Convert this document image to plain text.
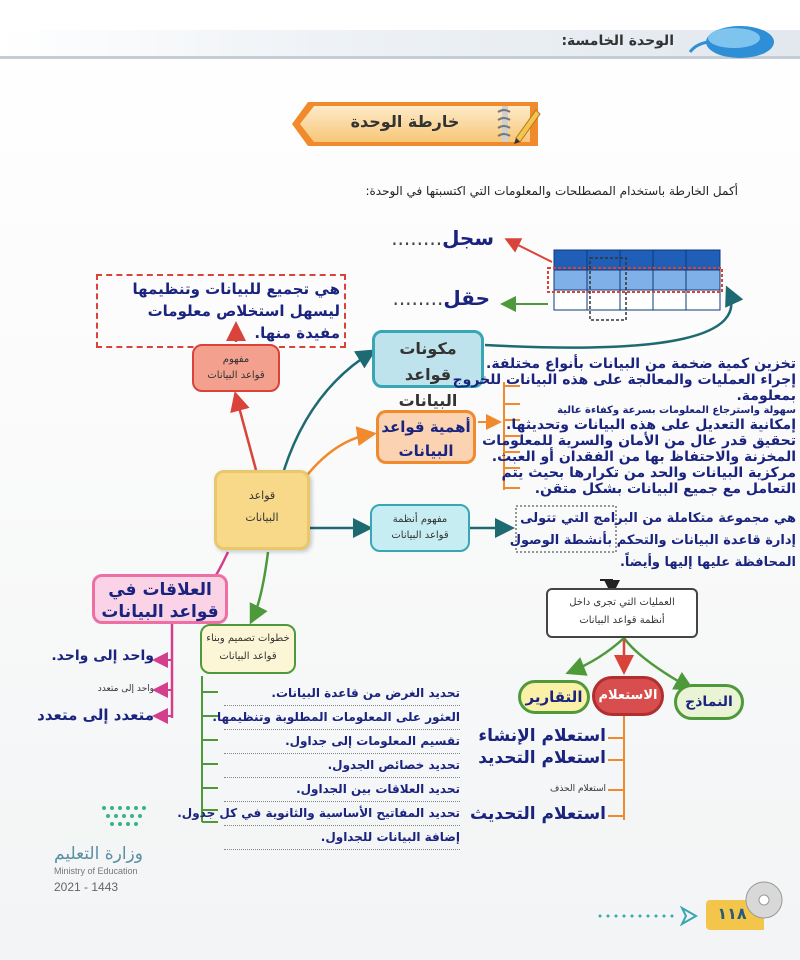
الوحدة الخامسة:
خارطة الوحدة
أكمل الخارطة باستخدام المصطلحات والمعلومات التي اكتسبتها في الوحدة:
سجل........
حقل........
هي تجميع للبيانات وتنظيمها ليسهل استخلاص معلومات مفيدة منها.
مفهوم
قواعد البيانات
مكونات قواعد البيانات
أهمية قواعد البيانات
تخزين كمية ضخمة من البيانات بأنواع مختلفة.
إجراء العمليات والمعالجة على هذه البيانات للخروج
بمعلومة.
سهولة واسترجاع المعلومات بسرعة وكفاءة عالية
إمكانية التعديل على هذه البيانات وتحديثها.
تحقيق قدر عال من الأمان والسرية للمعلومات
المخزنة والاحتفاظ بها من الفقدان أو العبث.
مركزية البيانات والحد من تكرارها بحيث يتم
التعامل مع جميع البيانات بشكل متقن.
قواعد
البيانات	مفهوم أنظمة
قواعد البيانات
هي مجموعة متكاملة من البرامج التي تتولى
إدارة قاعدة البيانات والتحكم بأنشطة الوصول
المحافظة عليها إليها وأيضاً.
العمليات التي تجرى داخل
أنظمة قواعد البيانات
النماذج
الاستعلام
التقارير
استعلام الإنشاء
استعلام التحديد
استعلام الحذف
استعلام التحديث
العلاقات في قواعد البيانات
واحد إلى واحد.
واحد إلى متعدد
متعدد إلى متعدد
خطوات تصميم وبناء
قواعد البيانات
تحديد الغرض من قاعدة البيانات.
العثور على المعلومات المطلوبة وتنظيمها.
تقسيم المعلومات إلى جداول.
تحديد خصائص الجدول.
تحديد العلاقات بين الجداول.
تحديد المفاتيح الأساسية والثانوية في كل جدول.
إضافة البيانات للجداول.
وزارة التعليم
Ministry of Education
2021 - 1443
١١٨
